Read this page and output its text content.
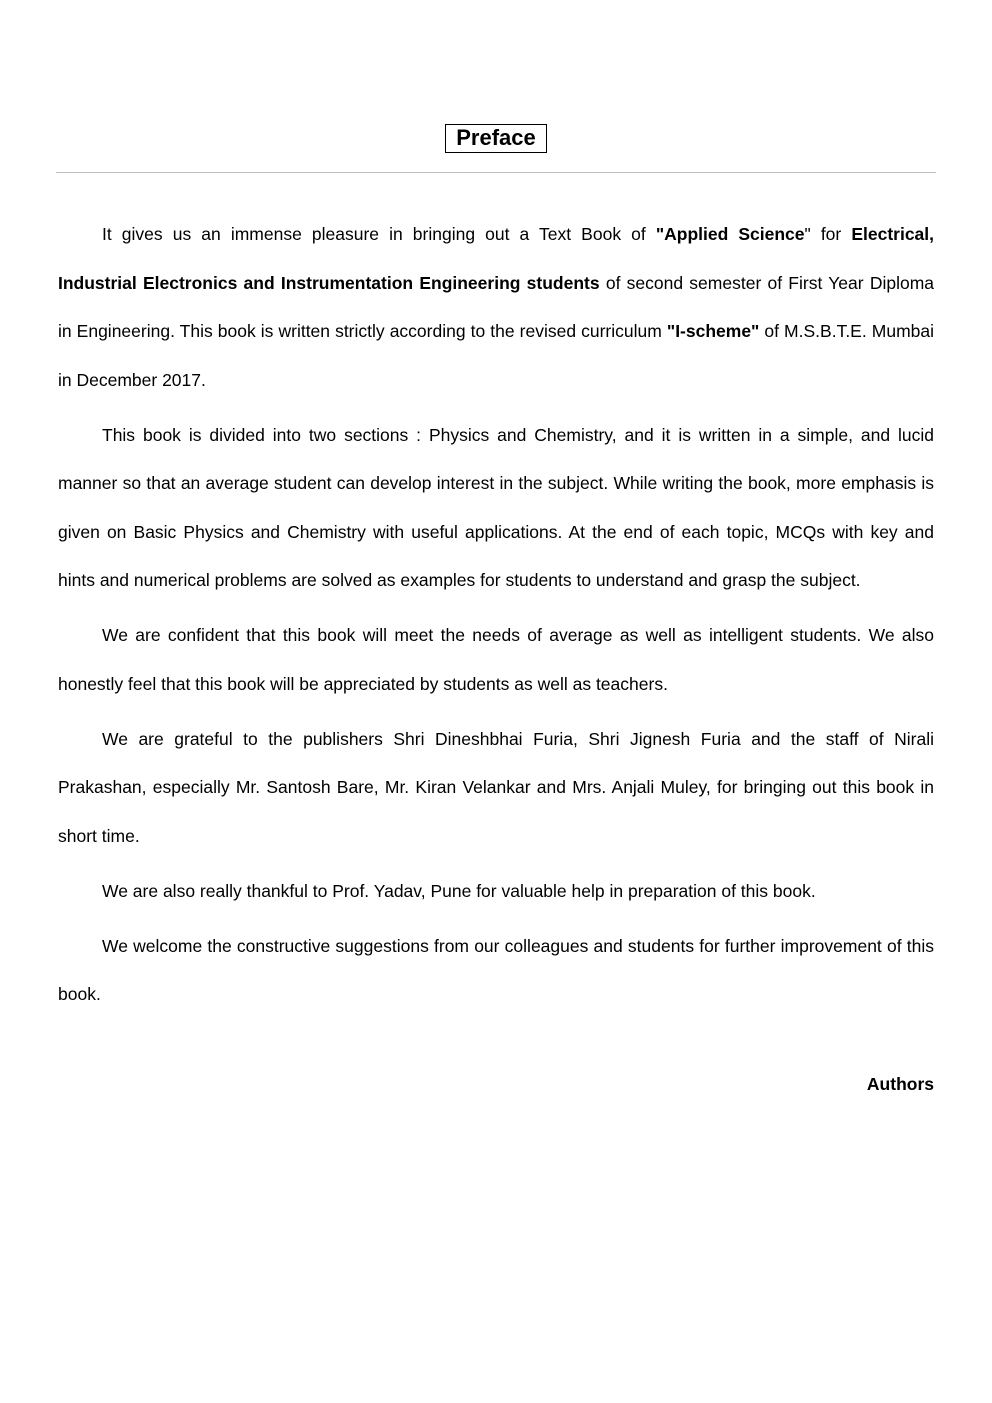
Preface

It gives us an immense pleasure in bringing out a Text Book of "Applied Science" for Electrical, Industrial Electronics and Instrumentation Engineering students of second semester of First Year Diploma in Engineering. This book is written strictly according to the revised curriculum "I-scheme" of M.S.B.T.E. Mumbai in December 2017.

This book is divided into two sections : Physics and Chemistry, and it is written in a simple, and lucid manner so that an average student can develop interest in the subject. While writing the book, more emphasis is given on Basic Physics and Chemistry with useful applications. At the end of each topic, MCQs with key and hints and numerical problems are solved as examples for students to understand and grasp the subject.

We are confident that this book will meet the needs of average as well as intelligent students. We also honestly feel that this book will be appreciated by students as well as teachers.

We are grateful to the publishers Shri Dineshbhai Furia, Shri Jignesh Furia and the staff of Nirali Prakashan, especially Mr. Santosh Bare, Mr. Kiran Velankar and Mrs. Anjali Muley, for bringing out this book in short time.

We are also really thankful to Prof. Yadav, Pune for valuable help in preparation of this book.

We welcome the constructive suggestions from our colleagues and students for further improvement of this book.

Authors
